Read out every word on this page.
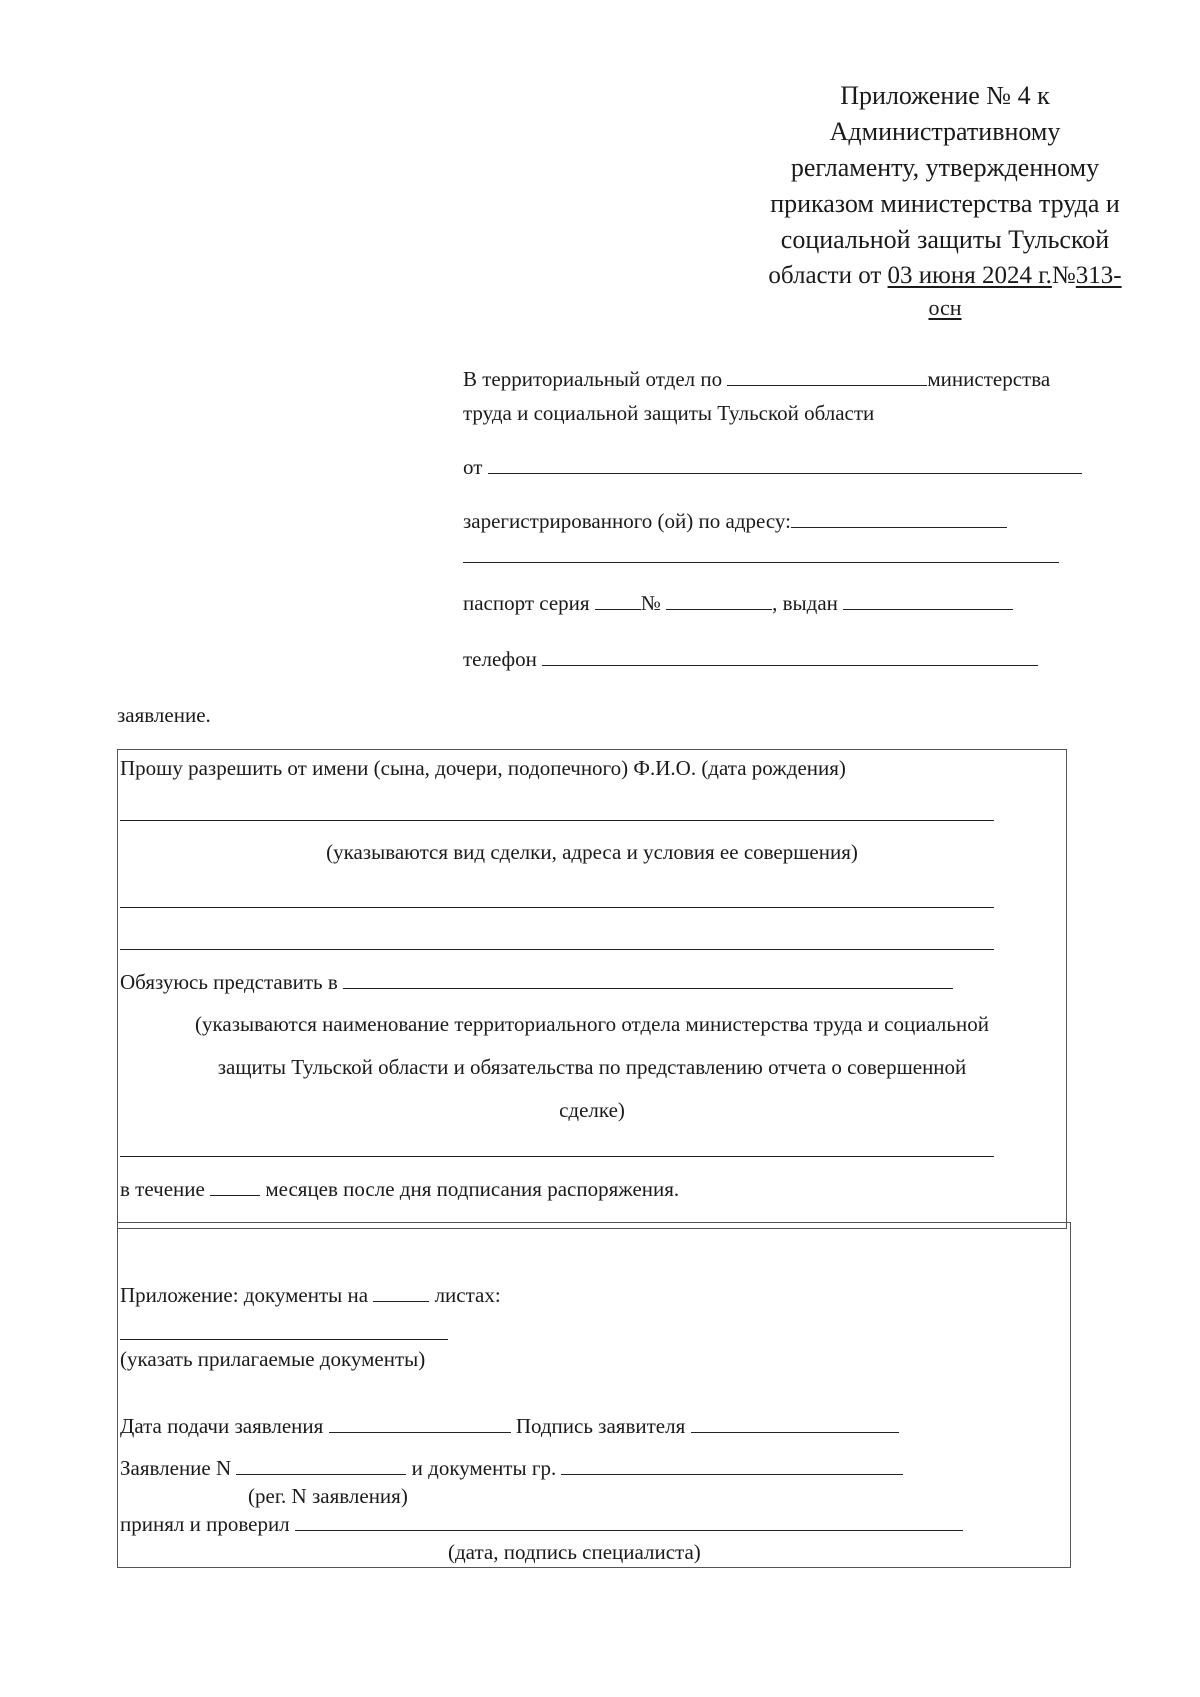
Приложение № 4 к
Административному
регламенту, утвержденному
приказом министерства труда и
социальной защиты Тульской
области от 03 июня 2024 г.№313-
осн
В территориальный отдел по	министерства
труда и социальной защиты Тульской области
от
зарегистрированного (ой) по адресу:
паспорт серия №	, выдан
телефон
заявление.
Прошу разрешить от имени (сына, дочери, подопечного) Ф.И.О. (дата рождения)
(указываются вид сделки, адреса и условия ее совершения)
Обязуюсь представить в
(указываются наименование территориального отдела министерства труда и социальной
защиты Тульской области и обязательства по представлению отчета о совершенной
сделке)
в течение	месяцев после дня подписания распоряжения.
Приложение: документы на	листах:
(указать прилагаемые документы)
Дата подачи заявления	Подпись заявителя
Заявление N	и документы гр.
(рег. N заявления)
принял и проверил
(дата, подпись специалиста)
